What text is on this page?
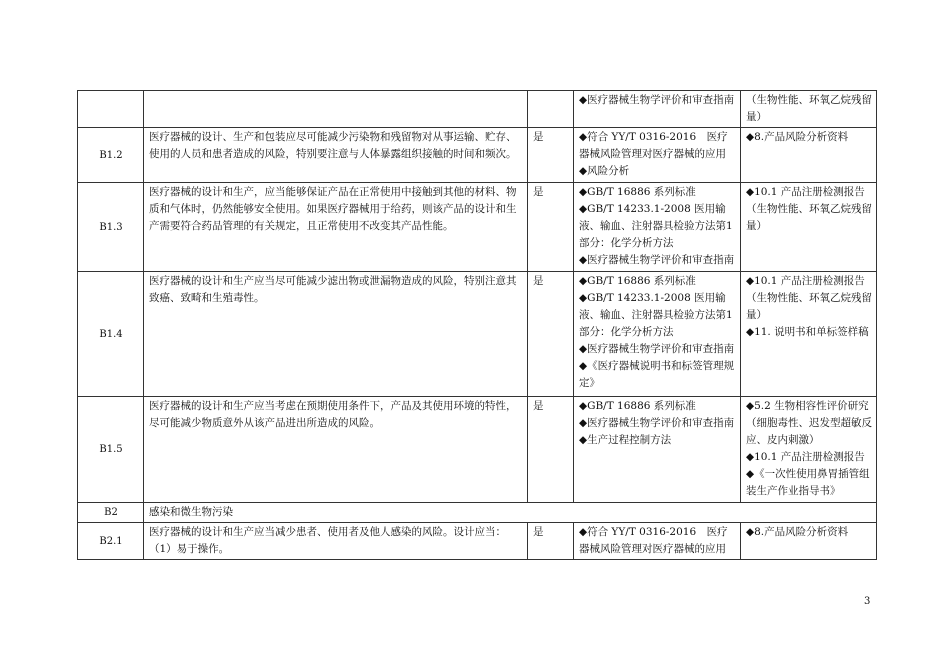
			◆医疗器械生物学评价和审查指南	（生物性能、环氧乙烷残留量）

B1.2	医疗器械的设计、生产和包装应尽可能减少污染物和残留物对从事运输、贮存、使用的人员和患者造成的风险，特别要注意与人体暴露组织接触的时间和频次。	是	◆符合 YY/T 0316-2016　医疗器械风险管理对医疗器械的应用
◆风险分析	◆8.产品风险分析资料

B1.3	医疗器械的设计和生产，应当能够保证产品在正常使用中接触到其他的材料、物质和气体时，仍然能够安全使用。如果医疗器械用于给药，则该产品的设计和生产需要符合药品管理的有关规定，且正常使用不改变其产品性能。	是	◆GB/T 16886 系列标准
◆GB/T 14233.1-2008 医用输液、输血、注射器具检验方法第1部分：化学分析方法
◆医疗器械生物学评价和审查指南	◆10.1 产品注册检测报告
（生物性能、环氧乙烷残留量）

B1.4	医疗器械的设计和生产应当尽可能减少滤出物或泄漏物造成的风险，特别注意其致癌、致畸和生殖毒性。	是	◆GB/T 16886 系列标准
◆GB/T 14233.1-2008 医用输液、输血、注射器具检验方法第1部分：化学分析方法
◆医疗器械生物学评价和审查指南
◆《医疗器械说明书和标签管理规定》	◆10.1 产品注册检测报告
（生物性能、环氧乙烷残留量）
◆11. 说明书和单标签样稿

B1.5	医疗器械的设计和生产应当考虑在预期使用条件下，产品及其使用环境的特性，尽可能减少物质意外从该产品进出所造成的风险。	是	◆GB/T 16886 系列标准
◆医疗器械生物学评价和审查指南
◆生产过程控制方法	◆5.2 生物相容性评价研究（细胞毒性、迟发型超敏反应、皮内刺激）
◆10.1 产品注册检测报告
◆《一次性使用鼻胃插管组装生产作业指导书》

B2	感染和微生物污染			
B2.1	医疗器械的设计和生产应当减少患者、使用者及他人感染的风险。设计应当：
（1）易于操作。	是	◆符合 YY/T 0316-2016　医疗器械风险管理对医疗器械的应用	◆8.产品风险分析资料
3
